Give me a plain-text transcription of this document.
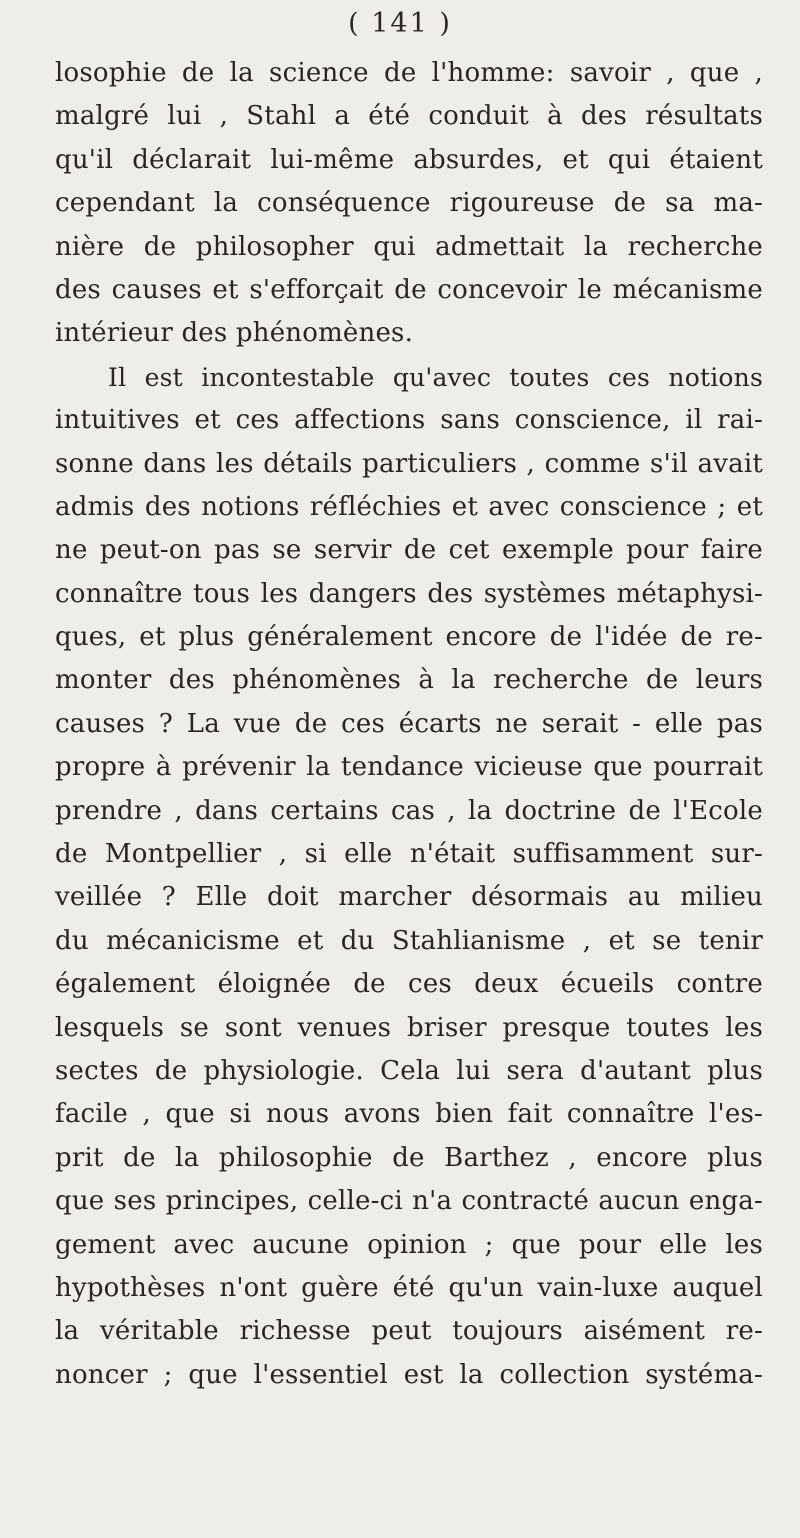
( 141 )
losophie de la science de l'homme: savoir , que ,
malgré lui , Stahl a été conduit à des résultats
qu'il déclarait lui-même absurdes, et qui étaient
cependant la conséquence rigoureuse de sa ma-
nière de philosopher qui admettait la recherche
des causes et s'efforçait de concevoir le mécanisme
intérieur des phénomènes.
Il est incontestable qu'avec toutes ces notions
intuitives et ces affections sans conscience, il rai-
sonne dans les détails particuliers , comme s'il avait
admis des notions réfléchies et avec conscience ; et
ne peut-on pas se servir de cet exemple pour faire
connaître tous les dangers des systèmes métaphysi-
ques, et plus généralement encore de l'idée de re-
monter des phénomènes à la recherche de leurs
causes ? La vue de ces écarts ne serait - elle pas
propre à prévenir la tendance vicieuse que pourrait
prendre , dans certains cas , la doctrine de l'Ecole
de Montpellier , si elle n'était suffisamment sur-
veillée ? Elle doit marcher désormais au milieu
du mécanicisme et du Stahlianisme , et se tenir
également éloignée de ces deux écueils contre
lesquels se sont venues briser presque toutes les
sectes de physiologie. Cela lui sera d'autant plus
facile , que si nous avons bien fait connaître l'es-
prit de la philosophie de Barthez , encore plus
que ses principes, celle-ci n'a contracté aucun enga-
gement avec aucune opinion ; que pour elle les
hypothèses n'ont guère été qu'un vain-luxe auquel
la véritable richesse peut toujours aisément re-
noncer ; que l'essentiel est la collection systéma-
